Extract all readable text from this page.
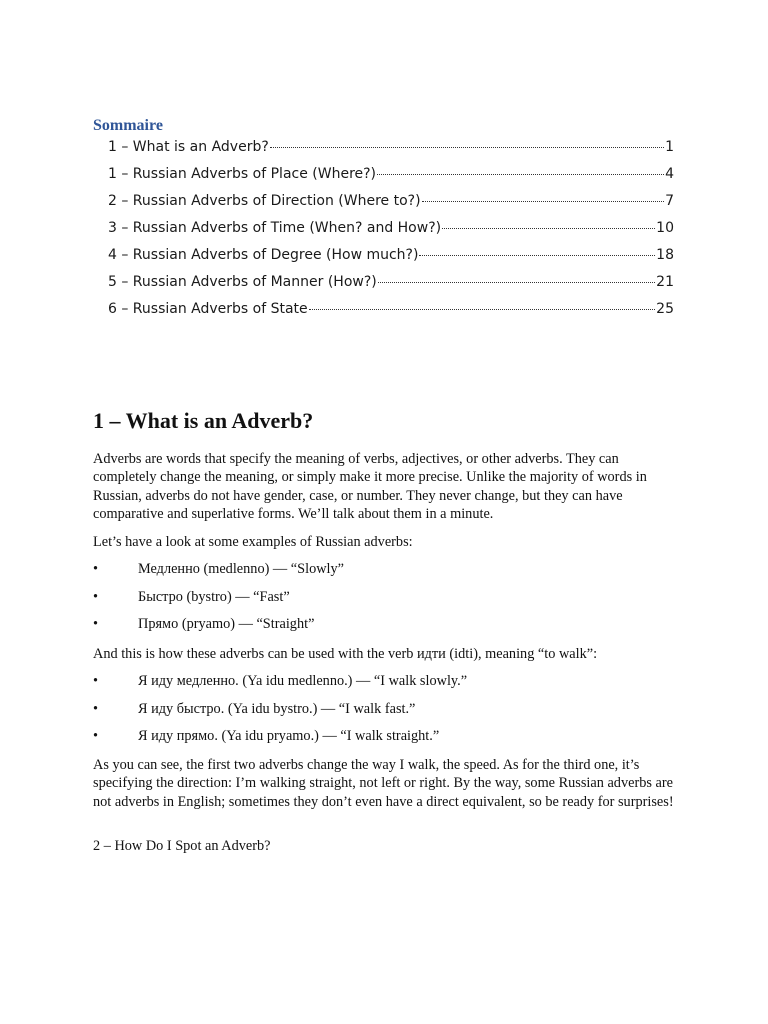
Sommaire
1 – What is an Adverb?	1
1 – Russian Adverbs of Place (Where?)	4
2 – Russian Adverbs of Direction (Where to?)	7
3 – Russian Adverbs of Time (When? and How?)	10
4 – Russian Adverbs of Degree (How much?)	18
5 – Russian Adverbs of Manner (How?)	21
6 – Russian Adverbs of State	25
1 – What is an Adverb?

Adverbs are words that specify the meaning of verbs, adjectives, or other adverbs. They can completely change the meaning, or simply make it more precise. Unlike the majority of words in Russian, adverbs do not have gender, case, or number. They never change, but they can have comparative and superlative forms. We’ll talk about them in a minute.

Let’s have a look at some examples of Russian adverbs:

•	Медленно (medlenno) — “Slowly”
•	Быстро (bystro) — “Fast”
•	Прямо (pryamo) — “Straight”

And this is how these adverbs can be used with the verb идти (idti), meaning “to walk”:

•	Я иду медленно. (Ya idu medlenno.) — “I walk slowly.”
•	Я иду быстро. (Ya idu bystro.) — “I walk fast.”
•	Я иду прямо. (Ya idu pryamo.) — “I walk straight.”

As you can see, the first two adverbs change the way I walk, the speed. As for the third one, it’s specifying the direction: I’m walking straight, not left or right. By the way, some Russian adverbs are not adverbs in English; sometimes they don’t even have a direct equivalent, so be ready for surprises!

2 – How Do I Spot an Adverb?
